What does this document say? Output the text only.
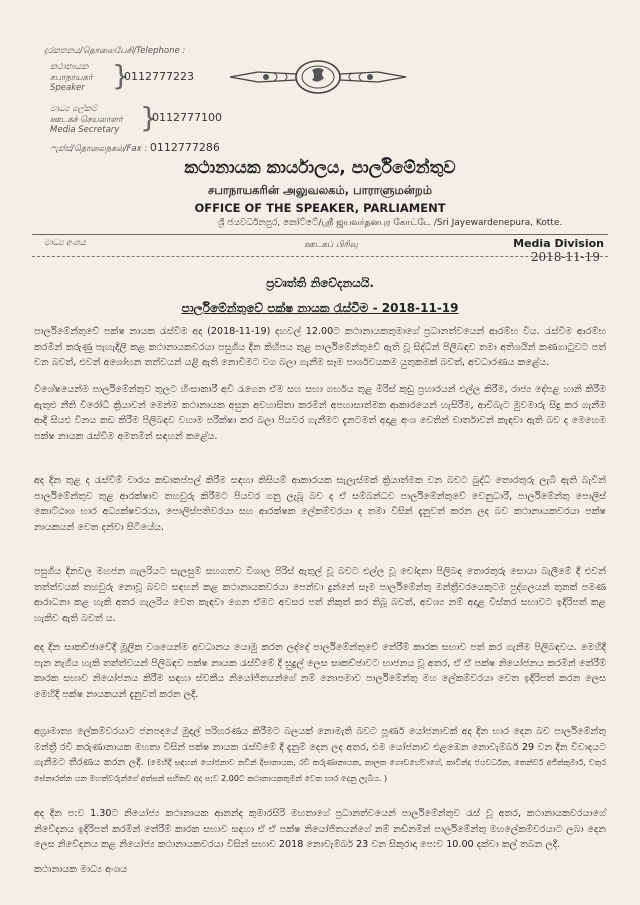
දුරකතනය/தொலைபேசி/Telephone :
කථානායක
சபாநாயகர்
Speaker }
0112777223
මාධ්‍ය ලේකම්
ஊடகச் செயலாளர்
Media Secretary }
0112777100
ෆැක්ස්/தொலைநகல்/Fax : 0112777286
කථානායක කාර්යාලය, පාර්ලිමේන්තුව
சபாநாயகரின் அலுவலகம், பாராளுமன்றம்
OFFICE OF THE SPEAKER, PARLIAMENT
ශ්‍රී ජයවර්ධනපුර, කෝට්ටේ/ஸ்ரீ ஜயவர்தனபுர கோட்டே /Sri Jayewardenepura, Kotte.
මාධ්‍ය අංශය	ஊடகப் பிரிவு	Media Division
2018-11-19
ප්‍රවෘත්ති නිවේදනයයි.
පාර්ලිමේන්තුවේ පක්ෂ නායක රැස්වීම - 2018-11-19
පාර්ලිමේන්තුවේ පක්ෂ නායක රැස්වීම අද (2018-11-19) දහවල් 12.00ට කථානායකතුමාගේ ප්‍රධානත්වයෙන් ආරම්භ විය. රැස්වීම ආරම්භ කරමින් කරුණු පැහැදිලි කළ කථානායකවරයා පසුගිය දින කිහිපය තුළ පාර්ලිමේන්තුවේ ඇති වූ සිද්ධීන් පිලිබඳව තමා අතිශයින් කණගාටුවට පත් වන බවත්, එවන් අශෝභන තත්වයන් යළි ඇති නොවීමට වග බලා ගැනීම සෑම පාර්ශවයකම යුතුකමක් බවත්, අවධාරණය කළේය.
විශේෂයෙන්ම පාර්ලිමේන්තුව තුලට හිංසාකාරී අවි රැගෙන ඒම සහ සභා ගර්භය තුළ මිරිස් කුඩු ප්‍රහාරයන් එල්ල කිරීම, රාජ්‍ය දේපළ හානි කිරීම ඇතුළු නීති විරෝධී ක්‍රියාවන් මෙන්ම කථානායක අසුන අවහාසිතා කරමින් අපහාසාත්මක ආකාරයෙන් හැසිරීම, ආචිබැට මුවමාරු සිදු කර ගැනීම ආදී සියළු විනය කඩ කිරීම පිලිබඳව වහාම පරීක්ෂා කර බලා පියවර ගැනීමට දැනටමත් අදාළ අංශ වෙතින් වාර්තාවන් කැඳවා ඇති බව ද මෙහෙම පක්ෂ නායක රැස්වීම අමතමින් සඳහන් කළේය.
අද දින තුළ ද රැස්වීම් වාරය කඩාකප්පල් කිරීම සඳහා කිසියම් ආකාරයක සැලැස්මක් ක්‍රියාත්මක වන බවට බුද්ධි තොරතුරු ලැබී ඇති බැවින් පාර්ලිමේන්තුව තුළ ආරක්ෂාව තහවුරු කිරීමට පියවර ගනු ලැබූ බව ද ඒ සම්බන්ධව පාර්ලිමේන්තුවේ වෙනුධාරී, පාර්ලිමේන්තු පොලිස් කොට්ඨාශ භාර අධ්‍යක්ෂවරයා, පොලිස්පතිවරයා සහ ආරක්ෂක ලේකම්වරයා ද තමා විසින් දැනුවත් කරන ලද බව කථානායකවරයා පක්ෂ නායකයන් වෙත දන්වා සිටියේය.
පසුගිය දිනවල මහජන ගැලරියට සැලසුම් සහගතව විශාල පිරිස් ඇතුල් වූ බවට එල්ල වූ චෝදනා පිලිබඳ තොරතුරු සොයා බැලීමේ දී එවන් තත්ත්වයක් තහවුරු නොවූ බවට සඳහන් කළ කථානායකවරයා පෙන්වා දුන්නේ සෑම පාර්ලිමේන්තු මන්ත්‍රීවරයෙකුටම පුද්ගලයන් තුනක් පමණ ආරාධනා කළ හැකි අතර ගැලරිය වෙත කැඳවා ගෙන ඒමට අවසර පත් නිකුත් කර තිබූ බවත්, අවශ්‍ය නම් අදාළ විස්තර සභාවට ඉදිරිපත් කළ හැකිව ඇති බවත් ය.
අද දින සාකච්ඡාවේදී මූලික වශයෙන්ම අවධානය යොමු කරන ලද්දේ පාර්ලිමේන්තුවේ තේරීම් කාරක සභාව පත් කර ගැනීම පිලිබඳවය. මෙහිදී පැන නැගිය හැකි තත්ත්වයන් පිලිබඳව පක්ෂ නායක රැස්වීමේ දී සුදුල් ලෙස සාකච්ඡාවට භාජනය වූ අතර, ඒ ඒ පක්ෂ නියෝජනය කරමින් තේරීම් කාරක සභාව නියෝජනය කිරීම සඳහා ස්වකීය නියෝජිතයන්ගේ නම් නොපමාව පාර්ලිමේන්තු මහ ලේකම්වරයා වෙත ඉදිරිපත් කරන ලෙස මෙහිදී පක්ෂ නායකයන් දැනුවත් කරන ලදී.
අග්‍රාමාත්‍ය ලේකම්වරයාට ජනපදයේ මුදල් පරිහරණය කිරීමට බලයක් නොමැති බවට පූර්ණ යෝජනාවක් අද දින භාර දෙන බව පාර්ලිමේන්තු මන්ත්‍රී රවි කරුණානායක මහතා විසින් පක්ෂ නායක රැස්වීමේ දී දැනුම් දෙන ලද අතර, එම යෝජනාව එළඹෙන නොවැම්බර් 29 වන දින විවාදයට ගැනීමට තීරණය කරන ලදී. (මෙහිදී සඳහන් යෝජනාව නවින් දිසානායක, රවි කරුණානායක, නාලක ගොඩහේවාගේ, කාවින්ද ජයවර්ධන, තෙන්වර් අජිත්කුමාර්, චතුර සේනාරත්න යන මහත්වරුන්ගේ අත්සන් සහිතව අද ප:ව 2.00ට කථානායකතුමන් වෙත භාර දෙනු ලැබීය. )
අද දින ප:ව 1.30ට නියෝජ්‍ය කථානායක ආනන්ද කුමාරසිරි මහතාගේ ප්‍රධානත්වයෙන් පාර්ලිමේන්තුව රැස් වූ අතර, කථානායකවරයාගේ නිවේදනය ඉදිරිපත් කරමින් තේරීම් කාරක සභාව සඳහා ඒ ඒ පක්ෂ නියෝජිතයන්ගේ නම් නඩිනමින් පාර්ලිමේන්තු මහලේකම්වරයාට ලබා දෙන ලෙස නිවේදනය කළ නියෝජ්‍ය කථානායකවරයා විසින් සභාව 2018 නොවැම්බර් 23 වන සිකුරාදා පෙ:ව 10.00 දක්වා කල් තබන ලදී.
කථානායක මාධ්‍ය අංශය
